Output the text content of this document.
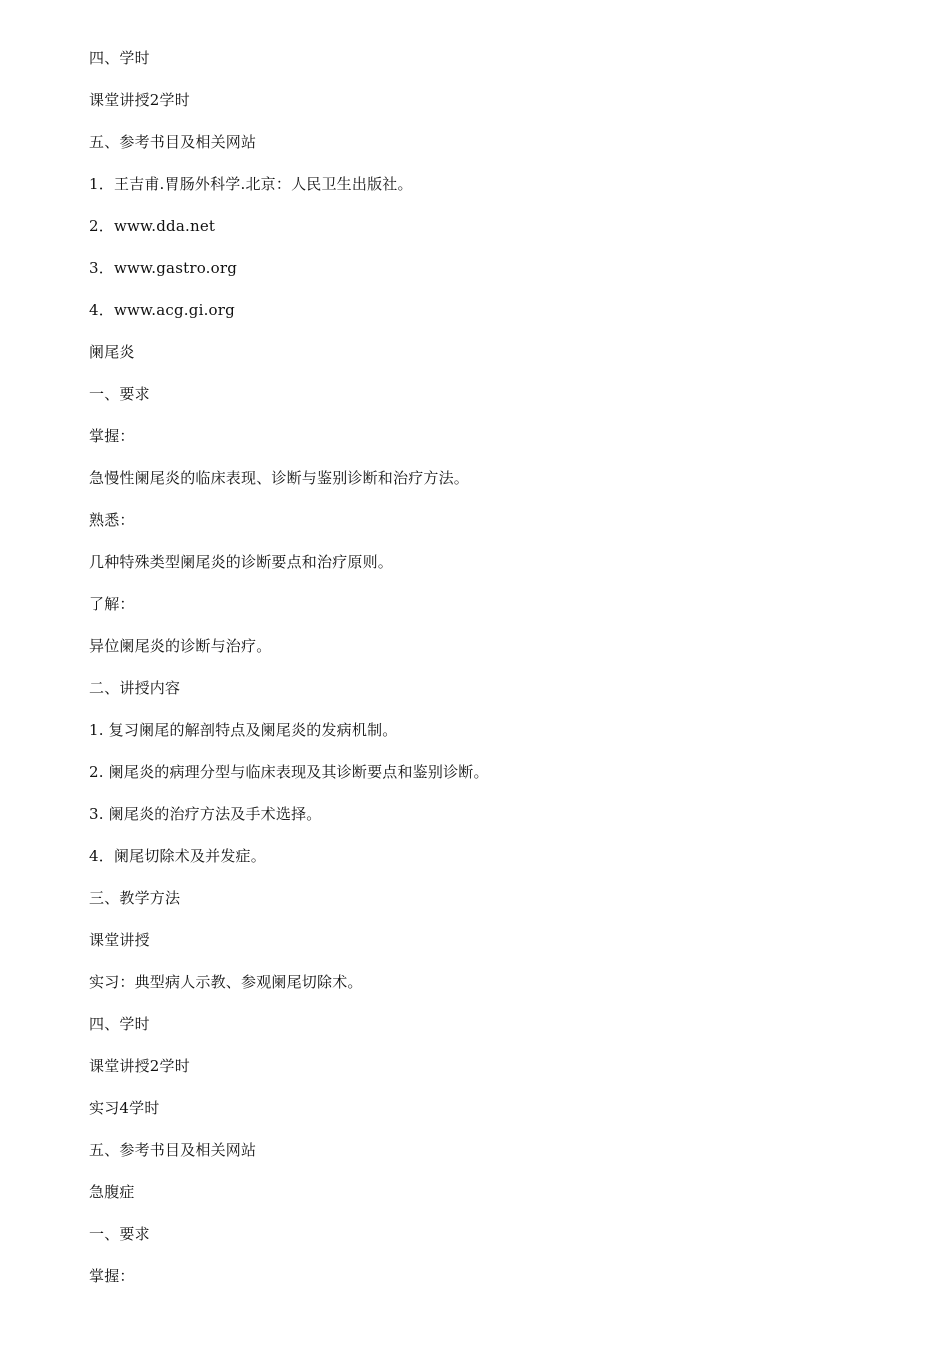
四、学时
课堂讲授2学时
五、参考书目及相关网站
1．王吉甫.胃肠外科学.北京：人民卫生出版社。
2．www.dda.net
3．www.gastro.org
4．www.acg.gi.org
阑尾炎
一、要求
掌握：
急慢性阑尾炎的临床表现、诊断与鉴别诊断和治疗方法。
熟悉：
几种特殊类型阑尾炎的诊断要点和治疗原则。
了解：
异位阑尾炎的诊断与治疗。
二、讲授内容
1. 复习阑尾的解剖特点及阑尾炎的发病机制。
2. 阑尾炎的病理分型与临床表现及其诊断要点和鉴别诊断。
3. 阑尾炎的治疗方法及手术选择。
4．阑尾切除术及并发症。
三、教学方法
课堂讲授
实习：典型病人示教、参观阑尾切除术。
四、学时
课堂讲授2学时
实习4学时
五、参考书目及相关网站
急腹症
一、要求
掌握：
